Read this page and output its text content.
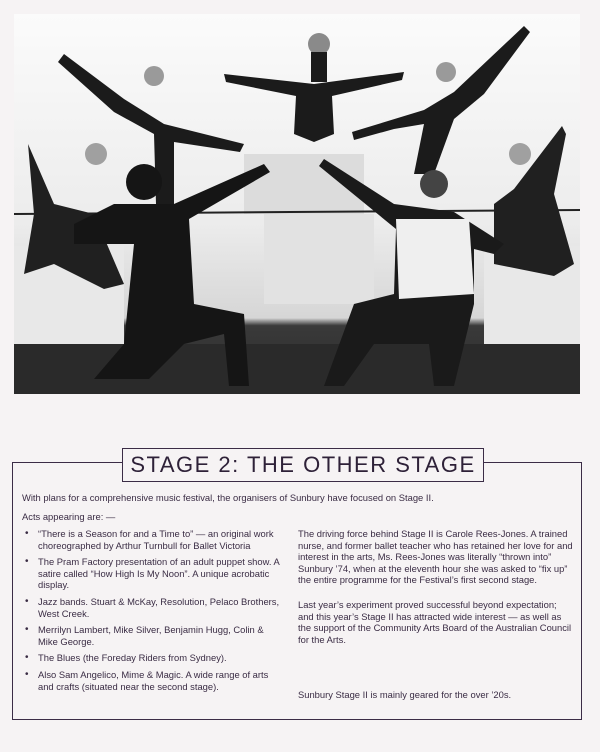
STAGE 2: THE OTHER STAGE
With plans for a comprehensive music festival, the organisers of Sunbury have focused on Stage II.
Acts appearing are: —
• “There is a Season for and a Time to” — an original work choreographed by Arthur Turnbull for Ballet Victoria
• The Pram Factory presentation of an adult puppet show. A satire called “How High Is My Noon”. A unique acrobatic display.
• Jazz bands. Stuart & McKay, Resolution, Pelaco Brothers, West Creek.
• Merrilyn Lambert, Mike Silver, Benjamin Hugg, Colin & Mike George.
• The Blues (the Foreday Riders from Sydney).
• Also Sam Angelico, Mime & Magic. A wide range of arts and crafts (situated near the second stage).

The driving force behind Stage II is Carole Rees-Jones. A trained nurse, and former ballet teacher who has retained her love for and interest in the arts, Ms. Rees-Jones was literally “thrown into” Sunbury ’74, when at the eleventh hour she was asked to “fix up” the entire programme for the Festival’s first second stage.

Last year’s experiment proved successful beyond expectation; and this year’s Stage II has attracted wide interest — as well as the support of the Community Arts Board of the Australian Council for the Arts.

Sunbury Stage II is mainly geared for the over ’20s.
